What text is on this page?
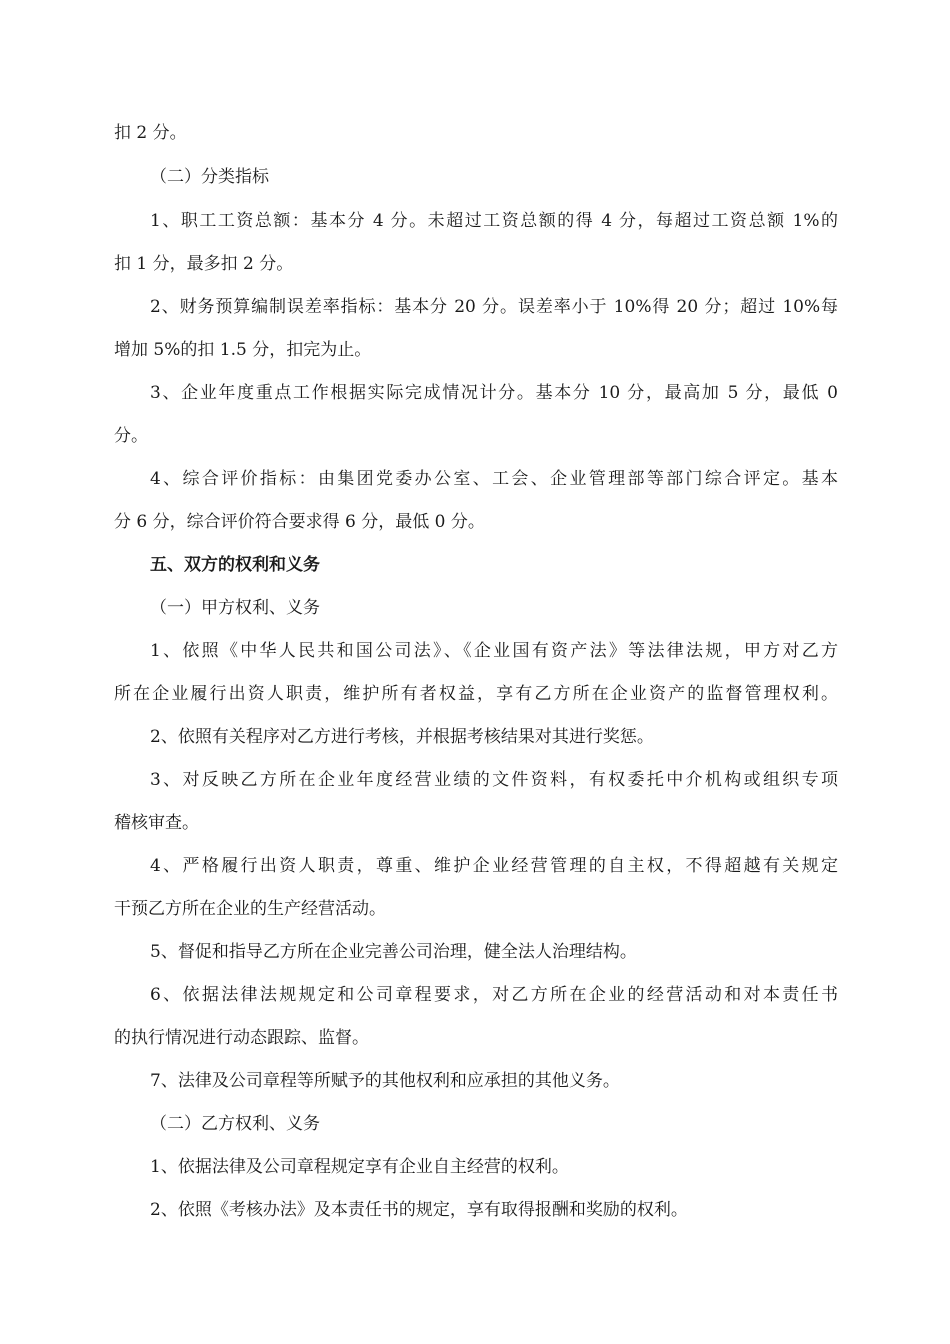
扣 2 分。
（二）分类指标
1、职工工资总额：基本分 4 分。未超过工资总额的得 4 分，每超过工资总额 1%的
扣 1 分，最多扣 2 分。
2、财务预算编制误差率指标：基本分 20 分。误差率小于 10%得 20 分；超过 10%每
增加 5%的扣 1.5 分，扣完为止。
3、企业年度重点工作根据实际完成情况计分。基本分 10 分，最高加 5 分，最低 0
分。
4、综合评价指标：由集团党委办公室、工会、企业管理部等部门综合评定。基本
分 6 分，综合评价符合要求得 6 分，最低 0 分。
五、双方的权利和义务
（一）甲方权利、义务
1、依照《中华人民共和国公司法》、《企业国有资产法》等法律法规，甲方对乙方
所在企业履行出资人职责，维护所有者权益，享有乙方所在企业资产的监督管理权利。
2、依照有关程序对乙方进行考核，并根据考核结果对其进行奖惩。
3、对反映乙方所在企业年度经营业绩的文件资料，有权委托中介机构或组织专项
稽核审查。
4、严格履行出资人职责，尊重、维护企业经营管理的自主权，不得超越有关规定
干预乙方所在企业的生产经营活动。
5、督促和指导乙方所在企业完善公司治理，健全法人治理结构。
6、依据法律法规规定和公司章程要求，对乙方所在企业的经营活动和对本责任书
的执行情况进行动态跟踪、监督。
7、法律及公司章程等所赋予的其他权利和应承担的其他义务。
（二）乙方权利、义务
1、依据法律及公司章程规定享有企业自主经营的权利。
2、依照《考核办法》及本责任书的规定，享有取得报酬和奖励的权利。
